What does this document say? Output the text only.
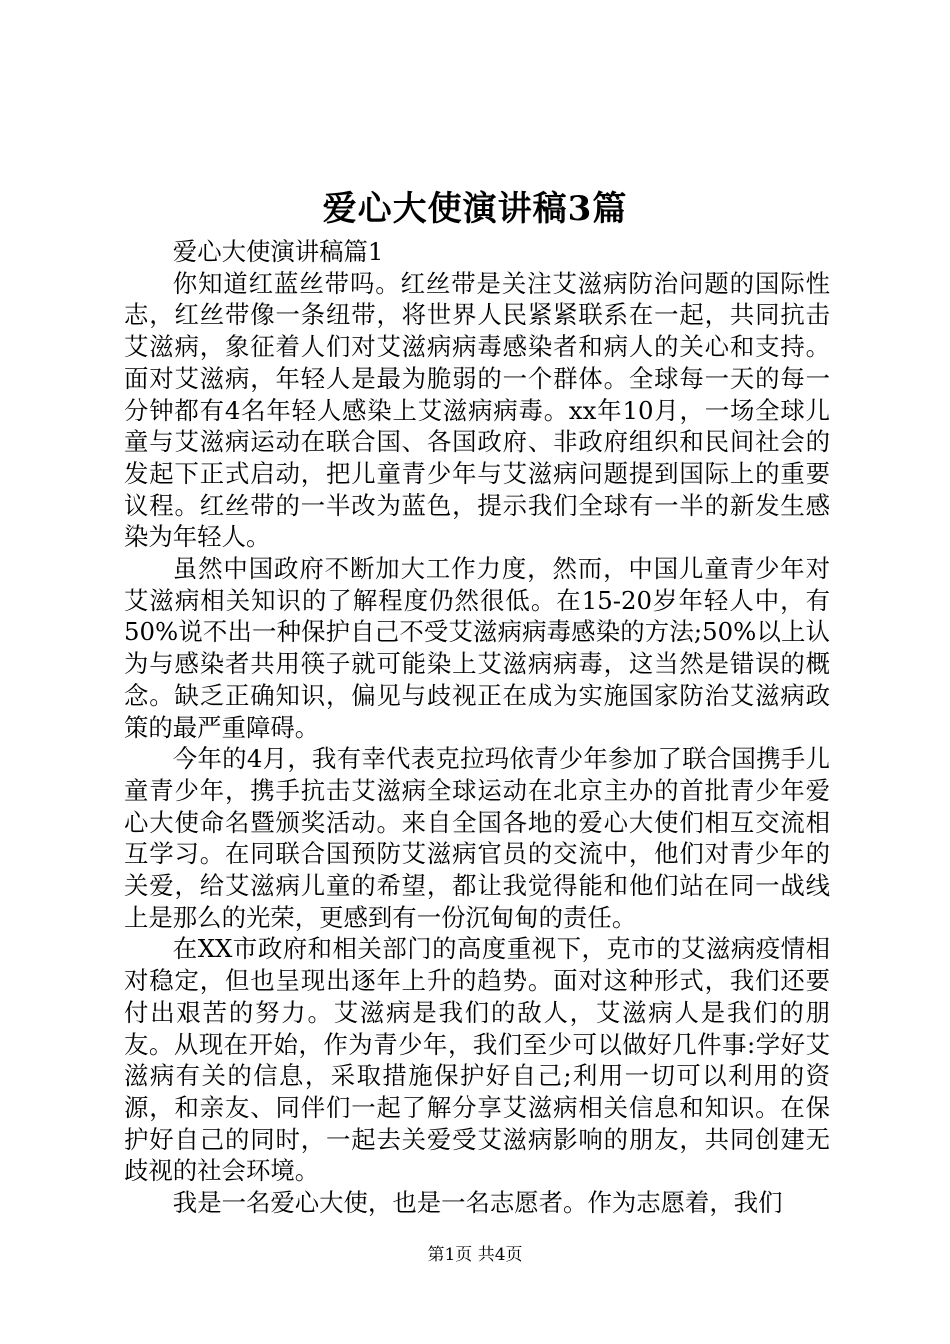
爱心大使演讲稿3篇

爱心大使演讲稿篇1

你知道红蓝丝带吗。红丝带是关注艾滋病防治问题的国际性志，红丝带像一条纽带，将世界人民紧紧联系在一起，共同抗击艾滋病，象征着人们对艾滋病病毒感染者和病人的关心和支持。面对艾滋病，年轻人是最为脆弱的一个群体。全球每一天的每一分钟都有4名年轻人感染上艾滋病病毒。xx年10月，一场全球儿童与艾滋病运动在联合国、各国政府、非政府组织和民间社会的发起下正式启动，把儿童青少年与艾滋病问题提到国际上的重要议程。红丝带的一半改为蓝色，提示我们全球有一半的新发生感染为年轻人。

虽然中国政府不断加大工作力度，然而，中国儿童青少年对艾滋病相关知识的了解程度仍然很低。在15-20岁年轻人中，有50%说不出一种保护自己不受艾滋病病毒感染的方法;50%以上认为与感染者共用筷子就可能染上艾滋病病毒，这当然是错误的概念。缺乏正确知识，偏见与歧视正在成为实施国家防治艾滋病政策的最严重障碍。

今年的4月，我有幸代表克拉玛依青少年参加了联合国携手儿童青少年，携手抗击艾滋病全球运动在北京主办的首批青少年爱心大使命名暨颁奖活动。来自全国各地的爱心大使们相互交流相互学习。在同联合国预防艾滋病官员的交流中，他们对青少年的关爱，给艾滋病儿童的希望，都让我觉得能和他们站在同一战线上是那么的光荣，更感到有一份沉甸甸的责任。

在XX市政府和相关部门的高度重视下，克市的艾滋病疫情相对稳定，但也呈现出逐年上升的趋势。面对这种形式，我们还要付出艰苦的努力。艾滋病是我们的敌人，艾滋病人是我们的朋友。从现在开始，作为青少年，我们至少可以做好几件事:学好艾滋病有关的信息，采取措施保护好自己;利用一切可以利用的资源，和亲友、同伴们一起了解分享艾滋病相关信息和知识。在保护好自己的同时，一起去关爱受艾滋病影响的朋友，共同创建无歧视的社会环境。

我是一名爱心大使，也是一名志愿者。作为志愿着，我们

第1页 共4页
